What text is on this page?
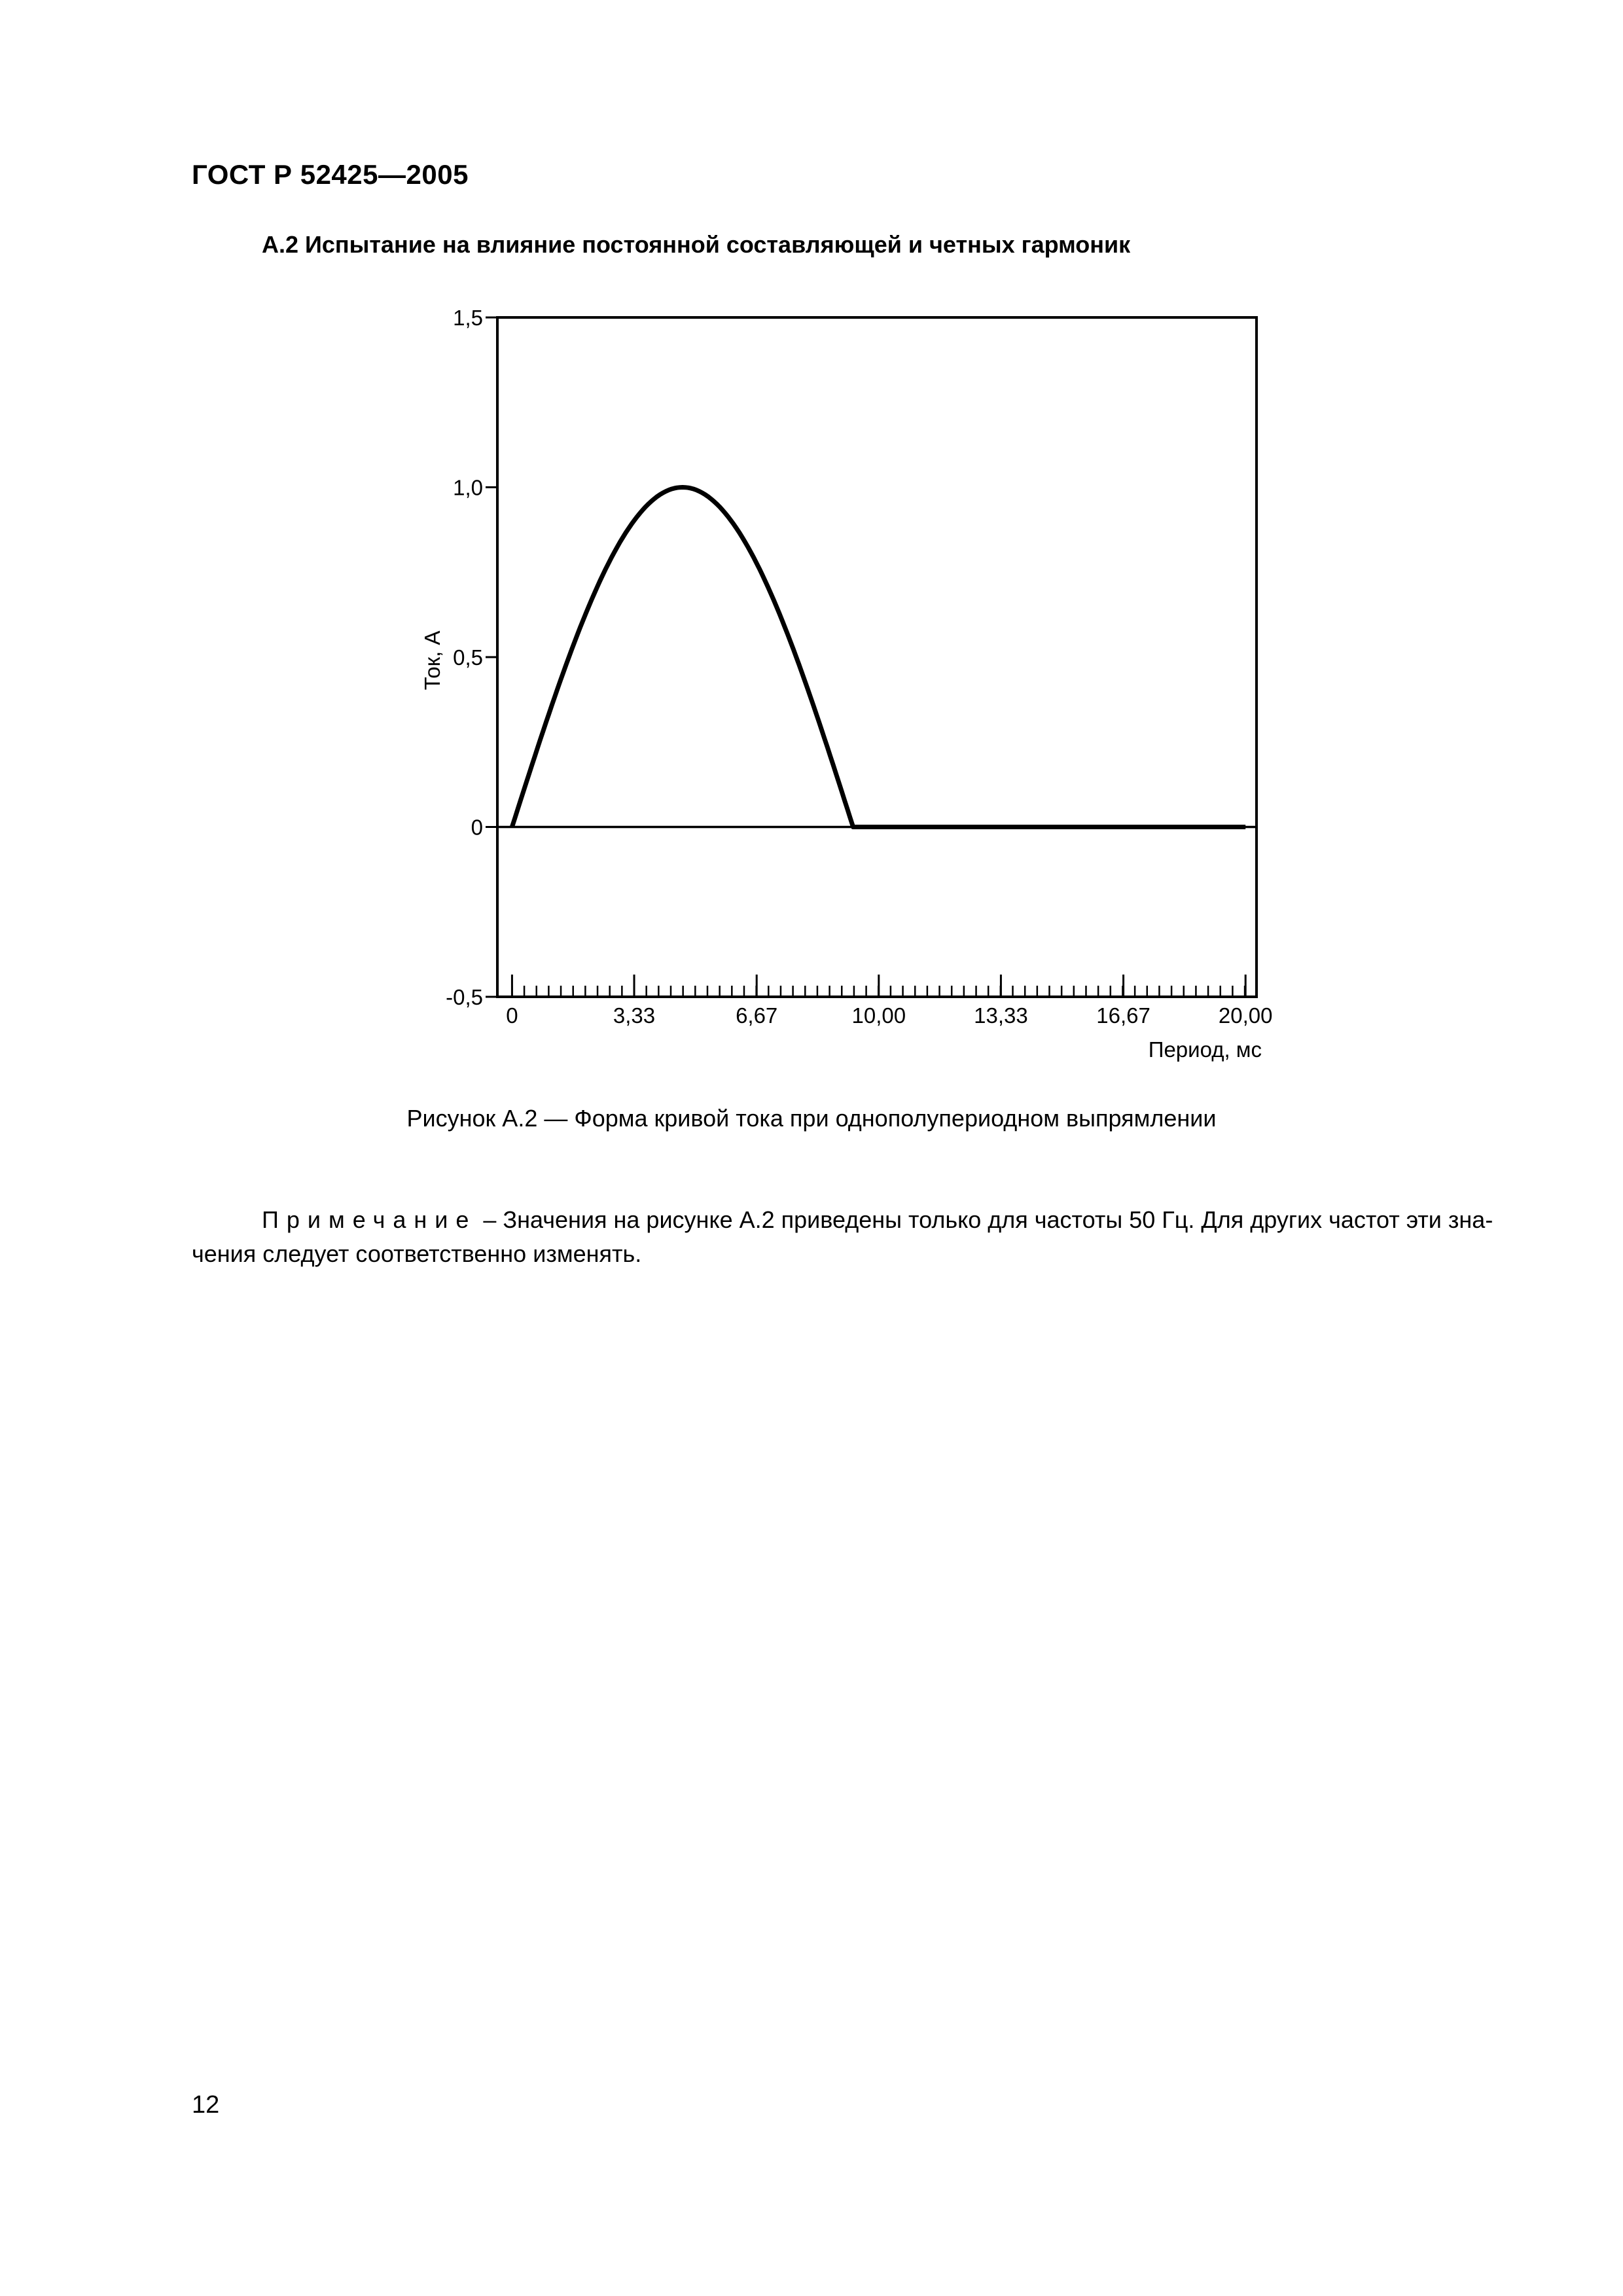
ГОСТ Р 52425—2005
А.2 Испытание на влияние постоянной составляющей и четных гармоник
-0,5
0
0,5
1,0
1,5
0	3,33	6,67	10,00	13,33	16,67	20,00
Ток, А
Период, мс
Рисунок А.2 — Форма кривой тока при однополупериодном выпрямлении
Примечание – Значения на рисунке А.2 приведены только для частоты 50 Гц. Для других частот эти зна-
чения следует соответственно изменять.
12
